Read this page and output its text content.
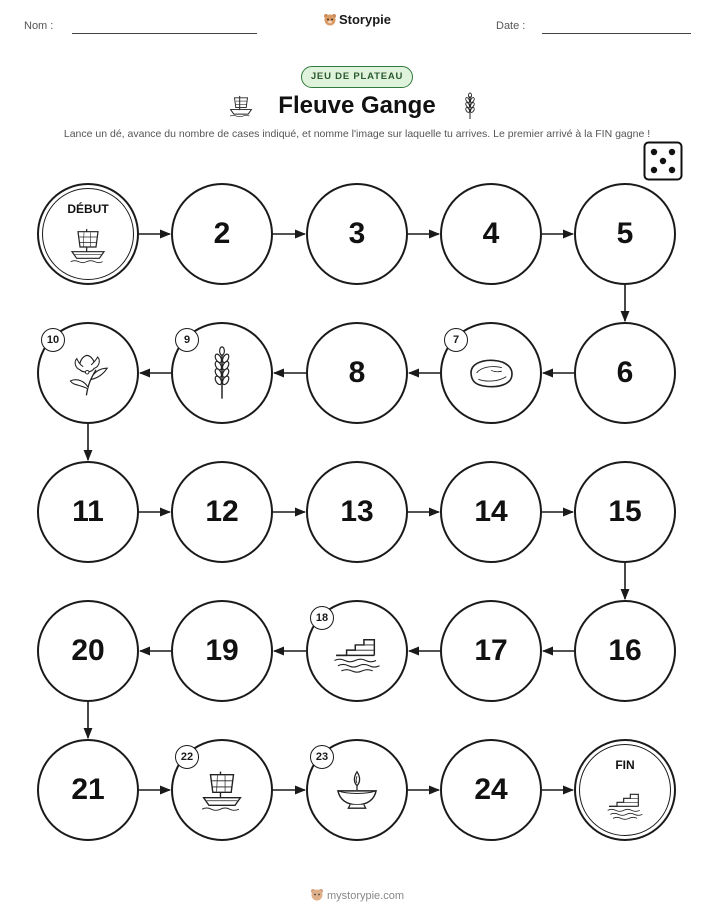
Nom :	Storypie	Date :
JEU DE PLATEAU
Fleuve Gange
Lance un dé, avance du nombre de cases indiqué, et nomme l'image sur laquelle tu arrives. Le premier arrivé à la FIN gagne !
DÉBUT
2	3	4	5
6
7
8
9
10
11	12	13	14	15
16
17
18
19
20
21
22	23
24
FIN
mystorypie.com
